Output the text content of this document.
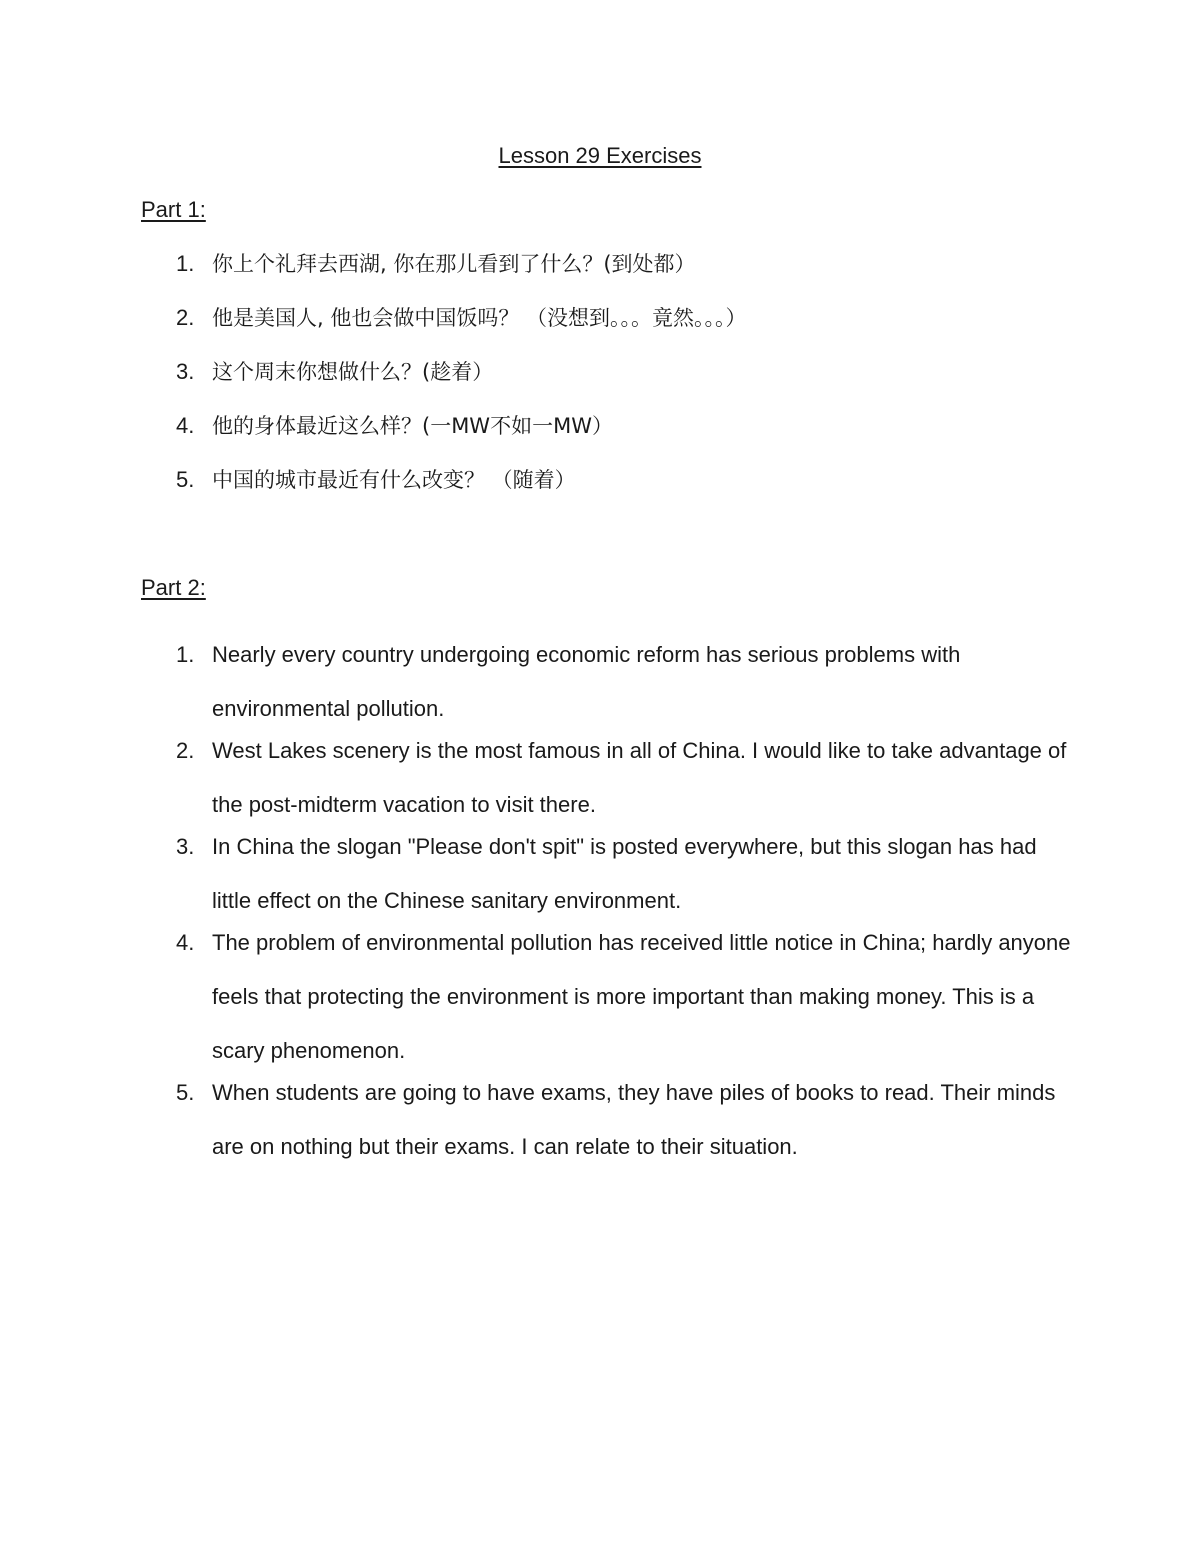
Lesson 29 Exercises
Part 1:
1. 你上个礼拜去西湖, 你在那儿看到了什么？(到处都）
2. 他是美国人, 他也会做中国饭吗？ （没想到。。。竟然。。。）
3. 这个周末你想做什么？(趁着）
4. 他的身体最近这么样？(一MW不如一MW）
5. 中国的城市最近有什么改变？ （随着）
Part 2:
1. Nearly every country undergoing economic reform has serious problems with environmental pollution.
2. West Lakes scenery is the most famous in all of China. I would like to take advantage of the post-midterm vacation to visit there.
3. In China the slogan "Please don't spit" is posted everywhere, but this slogan has had little effect on the Chinese sanitary environment.
4. The problem of environmental pollution has received little notice in China; hardly anyone feels that protecting the environment is more important than making money. This is a scary phenomenon.
5. When students are going to have exams, they have piles of books to read. Their minds are on nothing but their exams. I can relate to their situation.
